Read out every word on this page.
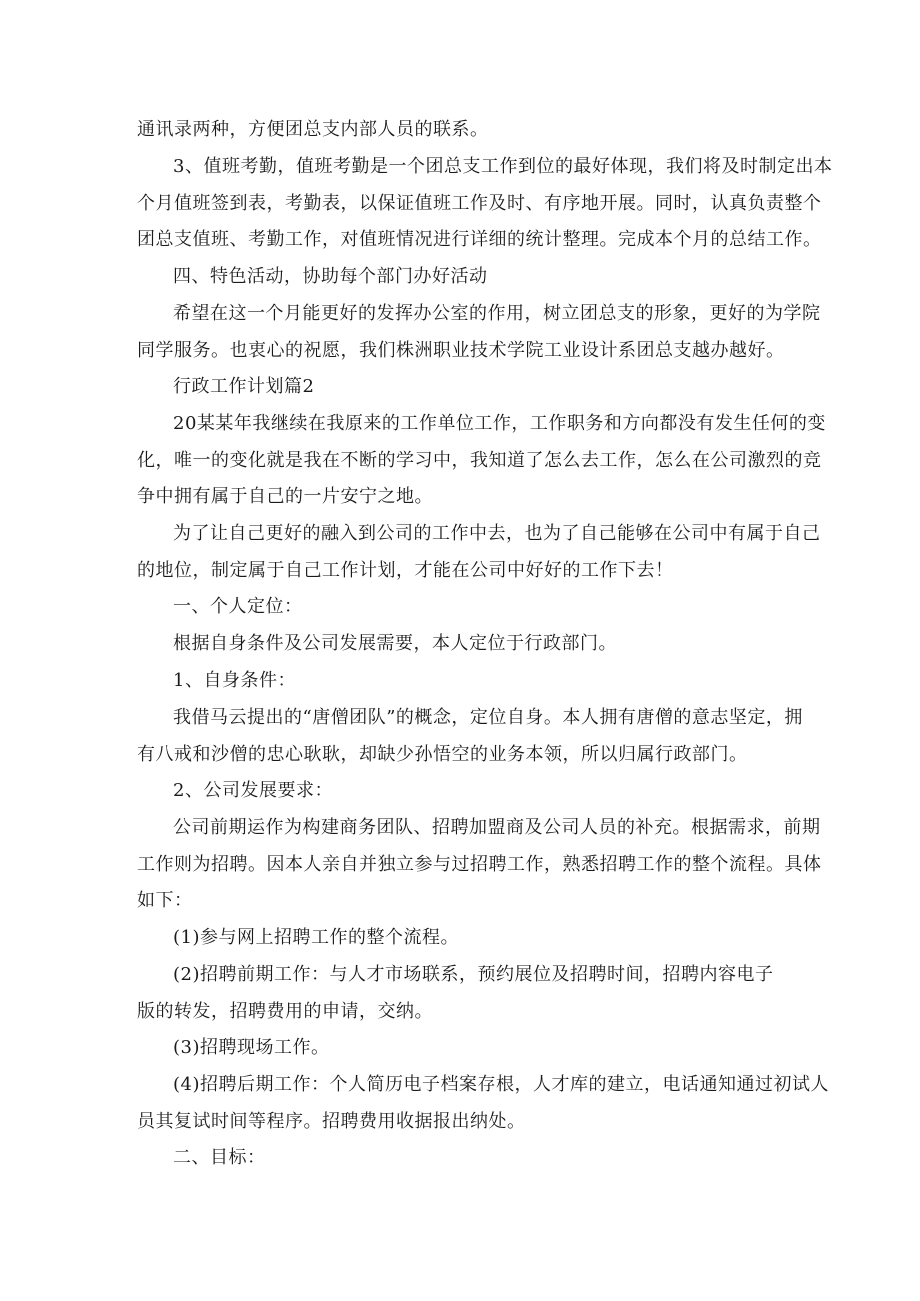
通讯录两种，方便团总支内部人员的联系。

3、值班考勤，值班考勤是一个团总支工作到位的最好体现，我们将及时制定出本
个月值班签到表，考勤表，以保证值班工作及时、有序地开展。同时，认真负责整个
团总支值班、考勤工作，对值班情况进行详细的统计整理。完成本个月的总结工作。

四、特色活动，协助每个部门办好活动

希望在这一个月能更好的发挥办公室的作用，树立团总支的形象，更好的为学院
同学服务。也衷心的祝愿，我们株洲职业技术学院工业设计系团总支越办越好。

行政工作计划篇2

20某某年我继续在我原来的工作单位工作，工作职务和方向都没有发生任何的变
化，唯一的变化就是我在不断的学习中，我知道了怎么去工作，怎么在公司激烈的竞
争中拥有属于自己的一片安宁之地。

为了让自己更好的融入到公司的工作中去，也为了自己能够在公司中有属于自己
的地位，制定属于自己工作计划，才能在公司中好好的工作下去！

一、个人定位：

根据自身条件及公司发展需要，本人定位于行政部门。

1、自身条件：

我借马云提出的“唐僧团队”的概念，定位自身。本人拥有唐僧的意志坚定，拥
有八戒和沙僧的忠心耿耿，却缺少孙悟空的业务本领，所以归属行政部门。

2、公司发展要求：

公司前期运作为构建商务团队、招聘加盟商及公司人员的补充。根据需求，前期
工作则为招聘。因本人亲自并独立参与过招聘工作，熟悉招聘工作的整个流程。具体
如下：

(1)参与网上招聘工作的整个流程。

(2)招聘前期工作：与人才市场联系，预约展位及招聘时间，招聘内容电子
版的转发，招聘费用的申请，交纳。

(3)招聘现场工作。

(4)招聘后期工作：个人简历电子档案存根，人才库的建立，电话通知通过初试人
员其复试时间等程序。招聘费用收据报出纳处。

二、目标：
